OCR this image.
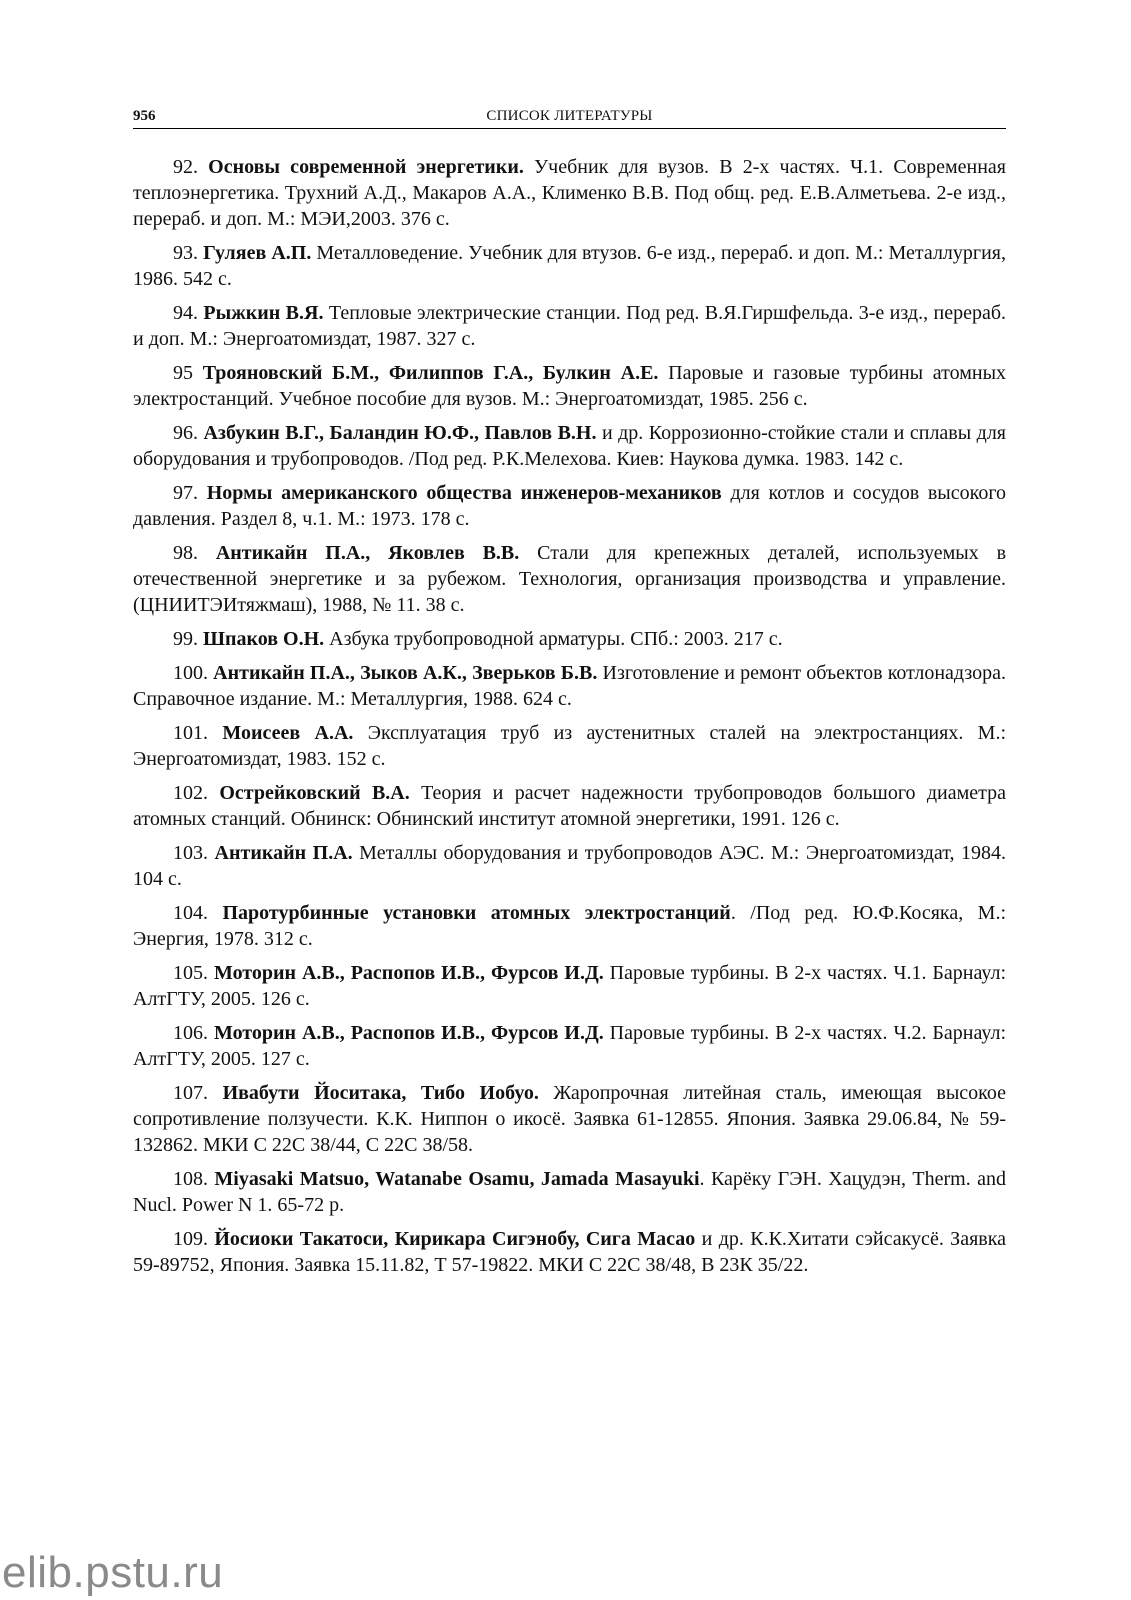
956	СПИСОК ЛИТЕРАТУРЫ

92. Основы современной энергетики. Учебник для вузов. В 2-х частях. Ч.1. Современная теплоэнергетика. Трухний А.Д., Макаров А.А., Клименко В.В. Под общ. ред. Е.В.Алметьева. 2-е изд., перераб. и доп. М.: МЭИ,2003. 376 с.

93. Гуляев А.П. Металловедение. Учебник для втузов. 6-е изд., перераб. и доп. М.: Металлургия, 1986. 542 с.

94. Рыжкин В.Я. Тепловые электрические станции. Под ред. В.Я.Гиршфельда. 3-е изд., перераб. и доп. М.: Энергоатомиздат, 1987. 327 с.

95 Трояновский Б.М., Филиппов Г.А., Булкин А.Е. Паровые и газовые турбины атомных электростанций. Учебное пособие для вузов. М.: Энергоатомиздат, 1985. 256 с.

96. Азбукин В.Г., Баландин Ю.Ф., Павлов В.Н. и др. Коррозионно-стойкие стали и сплавы для оборудования и трубопроводов. /Под ред. Р.К.Мелехова. Киев: Наукова думка. 1983. 142 с.

97. Нормы американского общества инженеров-механиков для котлов и сосудов высокого давления. Раздел 8, ч.1. М.: 1973. 178 с.

98. Антикайн П.А., Яковлев В.В. Стали для крепежных деталей, используемых в отечественной энергетике и за рубежом. Технология, организация производства и управление. (ЦНИИТЭИтяжмаш), 1988, № 11. 38 с.

99. Шпаков О.Н. Азбука трубопроводной арматуры. СПб.: 2003. 217 с.

100. Антикайн П.А., Зыков А.К., Зверьков Б.В. Изготовление и ремонт объектов котлонадзора. Справочное издание. М.: Металлургия, 1988. 624 с.

101. Моисеев А.А. Эксплуатация труб из аустенитных сталей на электростанциях. М.: Энергоатомиздат, 1983. 152 с.

102. Острейковский В.А. Теория и расчет надежности трубопроводов большого диаметра атомных станций. Обнинск: Обнинский институт атомной энергетики, 1991. 126 с.

103. Антикайн П.А. Металлы оборудования и трубопроводов АЭС. М.: Энергоатомиздат, 1984. 104 с.

104. Паротурбинные установки атомных электростанций. /Под ред. Ю.Ф.Косяка, М.: Энергия, 1978. 312 с.

105. Моторин А.В., Распопов И.В., Фурсов И.Д. Паровые турбины. В 2-х частях. Ч.1. Барнаул: АлтГТУ, 2005. 126 с.

106. Моторин А.В., Распопов И.В., Фурсов И.Д. Паровые турбины. В 2-х частях. Ч.2. Барнаул: АлтГТУ, 2005. 127 с.

107. Ивабути Йоситака, Тибо Иобуо. Жаропрочная литейная сталь, имеющая высокое сопротивление ползучести. К.К. Ниппон о икосё. Заявка 61-12855. Япония. Заявка 29.06.84, № 59-132862. МКИ С 22С 38/44, С 22С 38/58.

108. Miyasaki Matsuo, Watanabe Osamu, Jamada Masayuki. Карёку ГЭН. Хацудэн, Therm. and Nucl. Power N 1. 65-72 p.

109. Йосиоки Такатоси, Кирикара Сигэнобу, Сига Масао и др. К.К.Хитати сэйсакусё. Заявка 59-89752, Япония. Заявка 15.11.82, Т 57-19822. МКИ С 22С 38/48, В 23К 35/22.

elib.pstu.ru
